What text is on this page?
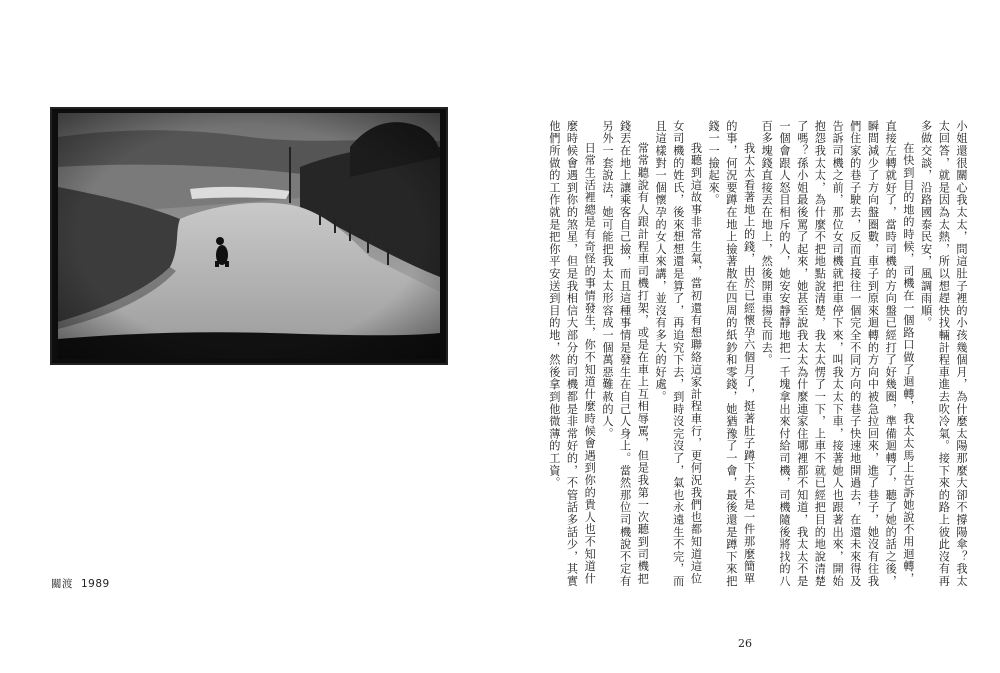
關渡 1989	小姐還很關心我太太，問這肚子裡的小孩幾個月，為什麼太陽那麼大卻不撐陽傘？我太太回答，就是因為太熱，所以想趕快找輛計程車進去吹冷氣。接下來的路上彼此沒有再多做交談，沿路國泰民安，風調雨順。

在快到目的地的時候，司機在一個路口做了迴轉，我太太馬上告訴她說不用迴轉，直接左轉就好了，當時司機的方向盤已經打了好幾圈，準備迴轉了，聽了她的話之後，瞬間減少了方向盤圈數，車子到原來迴轉的方向中被急拉回來，進了巷子，她沒有往我們住家的巷子駛去，反而直接往一個完全不同方向的巷子快速地開過去，在還未來得及告訴司機之前，那位女司機就把車停下來，叫我太太下車，接著她人也跟著出來，開始抱怨我太太，為什麼不把地點說清楚，我太太愣了一下，上車不就已經把目的地說清楚了嗎？孫小姐最後罵了起來，她甚至說我太太為什麼連家住哪裡都不知道，我太太不是一個會跟人怒目相斥的人，她安安靜靜地把一千塊拿出來付給司機，司機隨後將找的八百多塊錢直接丟在地上，然後開車揚長而去。

我太太看著地上的錢，由於已經懷孕六個月了，挺著肚子蹲下去不是一件那麼簡單的事，何況要蹲在地上撿著散在四周的紙鈔和零錢，她猶豫了一會，最後還是蹲下來把錢一一撿起來。

我聽到這故事非常生氣，當初還有想聯絡這家計程車行，更何況我們也都知道這位女司機的姓氏，後來想想還是算了，再追究下去，到時沒完沒了，氣也永遠生不完，而且這樣對一個懷孕的女人來講，並沒有多大的好處。

常常聽說有人跟計程車司機打架，或是在車上互相辱罵，但是我第一次聽到司機把錢丟在地上讓乘客自己撿，而且這種事情是發生在自己人身上。當然那位司機說不定有另外一套說法，她可能把我太太形容成一個萬惡難赦的人。

日常生活裡總是有奇怪的事情發生，你不知道什麼時候會遇到你的貴人也不知道什麼時候會遇到你的煞星，但是我相信大部分的司機都是非常好的，不管話多話少，其實他們所做的工作就是把你平安送到目的地，然後拿到他微薄的工資。

26
